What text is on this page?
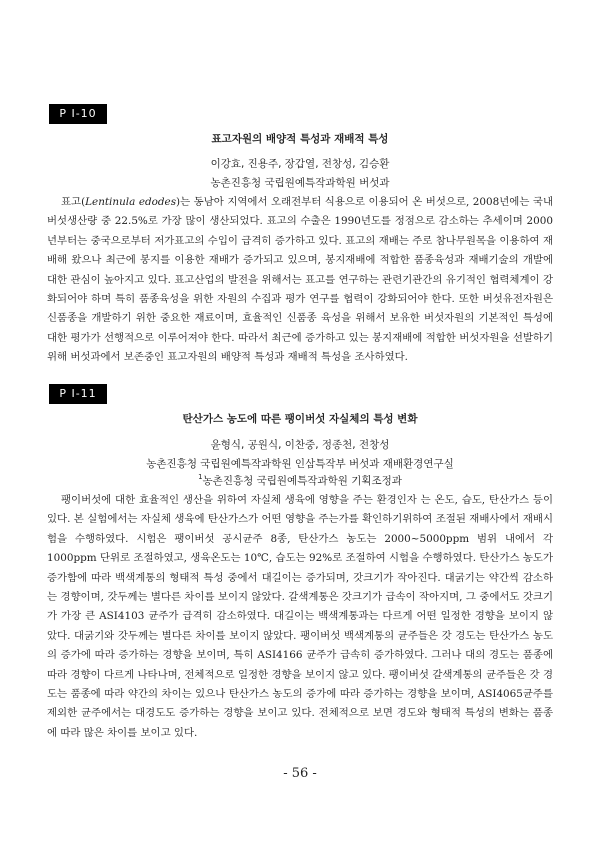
P I-10
표고자원의 배양적 특성과 재배적 특성
이강효, 진용주, 장갑열, 전창성, 김승환
농촌진흥청 국립원예특작과학원 버섯과

표고(Lentinula edodes)는 동남아 지역에서 오래전부터 식용으로 이용되어 온 버섯으로, 2008년에는 국내버섯생산량 중 22.5%로 가장 많이 생산되었다. 표고의 수출은 1990년도를 정점으로 감소하는 추세이며 2000년부터는 중국으로부터 저가표고의 수입이 급격히 증가하고 있다. 표고의 재배는 주로 참나무원목을 이용하여 재배해 왔으나 최근에 봉지를 이용한 재배가 증가되고 있으며, 봉지재배에 적합한 품종육성과 재배기술의 개발에 대한 관심이 높아지고 있다. 표고산업의 발전을 위해서는 표고를 연구하는 관련기관간의 유기적인 협력체계이 강화되어야 하며 특히 품종육성을 위한 자원의 수집과 평가 연구를 협력이 강화되어야 한다. 또한 버섯유전자원은 신품종을 개발하기 위한 중요한 재료이며, 효율적인 신품종 육성을 위해서 보유한 버섯자원의 기본적인 특성에 대한 평가가 선행적으로 이루어져야 한다. 따라서 최근에 증가하고 있는 봉지재배에 적합한 버섯자원을 선발하기 위해 버섯과에서 보존중인 표고자원의 배양적 특성과 재배적 특성을 조사하였다.

P I-11
탄산가스 농도에 따른 팽이버섯 자실체의 특성 변화
윤형식, 공원식, 이찬중, 정종천, 전창성
농촌진흥청 국립원예특작과학원 인삼특작부 버섯과 재배환경연구실
$^1$농촌진흥청 국립원예특작과학원 기획조정과

팽이버섯에 대한 효율적인 생산을 위하여 자실체 생육에 영향을 주는 환경인자 는 온도, 습도, 탄산가스 등이 있다. 본 실험에서는 자실체 생육에 탄산가스가 어떤 영향을 주는가를 확인하기위하여 조절된 재배사에서 재배시험을 수행하였다. 시험은 팽이버섯 공시균주 8종, 탄산가스 농도는 2000~5000ppm 범위 내에서 각 1000ppm 단위로 조절하였고, 생육온도는 10℃, 습도는 92%로 조절하여 시험을 수행하였다. 탄산가스 농도가 증가함에 따라 백색계통의 형태적 특성 중에서 대길이는 증가되며, 갓크기가 작아진다. 대굵기는 약간씩 감소하는 경향이며, 갓두께는 별다른 차이를 보이지 않았다. 갈색계통은 갓크기가 급속이 작아지며, 그 중에서도 갓크기가 가장 큰 ASI4103 균주가 급격히 감소하였다. 대길이는 백색계통과는 다르게 어떤 일정한 경향을 보이지 않았다. 대굵기와 갓두께는 별다른 차이를 보이지 않았다. 팽이버섯 백색계통의 균주들은 갓 경도는 탄산가스 농도의 증가에 따라 증가하는 경향을 보이며, 특히 ASI4166 균주가 급속히 증가하였다. 그러나 대의 경도는 품종에 따라 경향이 다르게 나타나며, 전체적으로 일정한 경향을 보이지 않고 있다. 팽이버섯 갈색계통의 균주들은 갓 경도는 품종에 따라 약간의 차이는 있으나 탄산가스 농도의 증가에 따라 증가하는 경향을 보이며, ASI4065균주를 제외한 균주에서는 대경도도 증가하는 경향을 보이고 있다. 전체적으로 보면 경도와 형태적 특성의 변화는 품종에 따라 많은 차이를 보이고 있다.

- 56 -
